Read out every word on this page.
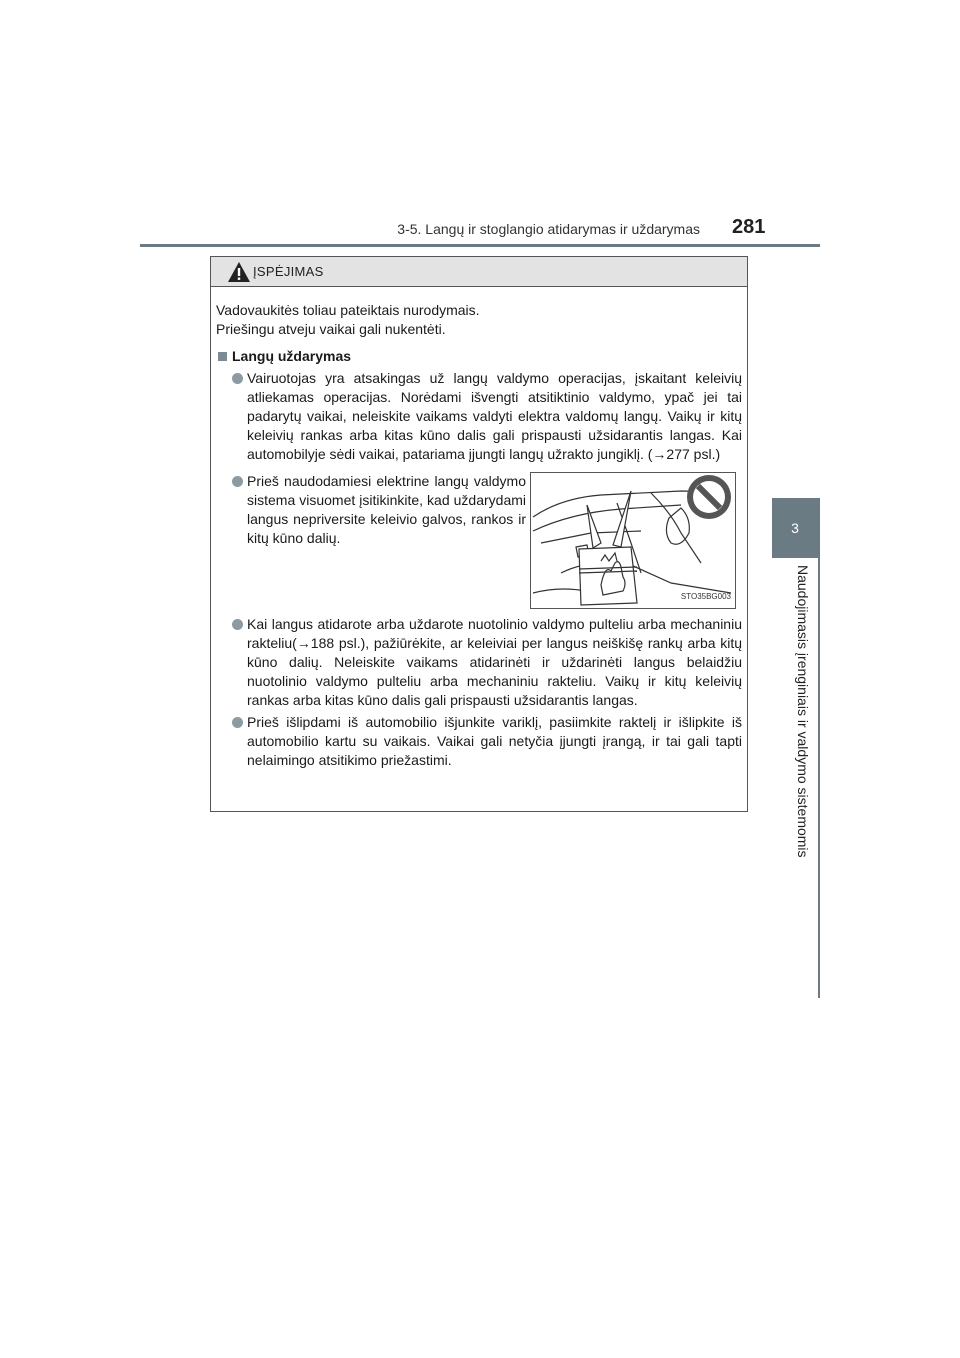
3-5. Langų ir stoglangio atidarymas ir uždarymas 281
3
Naudojimasis įrenginiais ir valdymo sistemomis
ĮSPĖJIMAS

Vadovaukitės toliau pateiktais nurodymais.

Priešingu atveju vaikai gali nukentėti.

Langų uždarymas
Vairuotojas yra atsakingas už langų valdymo operacijas, įskaitant keleivių atliekamas operacijas. Norėdami išvengti atsitiktinio valdymo, ypač jei tai padarytų vaikai, neleiskite vaikams valdyti elektra valdomų langų. Vaikų ir kitų keleivių rankas arba kitas kūno dalis gali prispausti užsidarantis langas. Kai automobilyje sėdi vaikai, patariama įjungti langų užrakto jungiklį. (→277 psl.)
Prieš naudodamiesi elektrine langų valdymo sistema visuomet įsitikinkite, kad uždarydami langus nepriversite keleivio galvos, rankos ir kitų kūno dalių.
STO35BG003
Kai langus atidarote arba uždarote nuotolinio valdymo pulteliu arba mechaniniu rakteliu(→188 psl.), pažiūrėkite, ar keleiviai per langus neiškišę rankų arba kitų kūno dalių. Neleiskite vaikams atidarinėti ir uždarinėti langus belaidžiu nuotolinio valdymo pulteliu arba mechaniniu rakteliu. Vaikų ir kitų keleivių rankas arba kitas kūno dalis gali prispausti užsidarantis langas.
Prieš išlipdami iš automobilio išjunkite variklį, pasiimkite raktelį ir išlipkite iš automobilio kartu su vaikais. Vaikai gali netyčia įjungti įrangą, ir tai gali tapti nelaimingo atsitikimo priežastimi.
